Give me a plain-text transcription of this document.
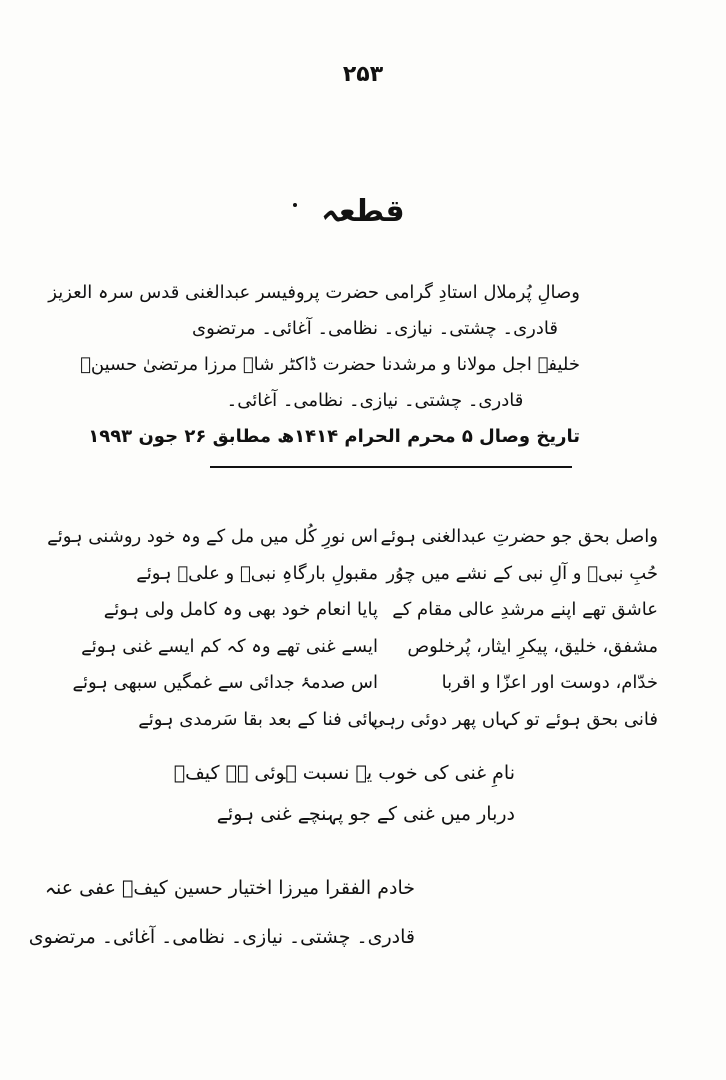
۲۵۳
قطعہ
وصالِ پُرملال استادِ گرامی حضرت پروفیسر عبدالغنی قدس سرہ العزیز
قادری۔ چشتی۔ نیازی۔ نظامی۔ آغائی۔ مرتضوی
خلیفہ اجل مولانا و مرشدنا حضرت ڈاکٹر شاہ مرزا مرتضیٰ حسینؒ
قادری۔ چشتی۔ نیازی۔ نظامی۔ آغائی۔
تاریخ وصال ۵ محرم الحرام ۱۴۱۴ھ مطابق ۲۶ جون ۱۹۹۳
واصل بحق جو حضرتِ عبدالغنی ہوئے
اس نورِ کُل میں مل کے وہ خود روشنی ہوئے
حُبِ نبیؐ و آلِ نبی کے نشے میں چوُر
مقبولِ بارگاہِ نبیؐ و علیؑ ہوئے
عاشق تھے اپنے مرشدِ عالی مقام کے
پایا انعام خود بھی وہ کامل ولی ہوئے
مشفق، خلیق، پیکرِ ایثار، پُرخلوص
ایسے غنی تھے وہ کہ کم ایسے غنی ہوئے
خدّام، دوست اور اعزّا و اقربا
اس صدمۂ جدائی سے غمگیں سبھی ہوئے
فانی بحق ہوئے تو کہاں پھر دوئی رہی
پائی فنا کے بعد بقا سَرمدی ہوئے
نامِ غنی کی خوب یہ نسبت ہوئی ہے کیفؔ
دربار میں غنی کے جو پہنچے غنی ہوئے
خادم الفقرا میرزا اختیار حسین کیفؔ عفی عنہ
قادری۔ چشتی۔ نیازی۔ نظامی۔ آغائی۔ مرتضوی
